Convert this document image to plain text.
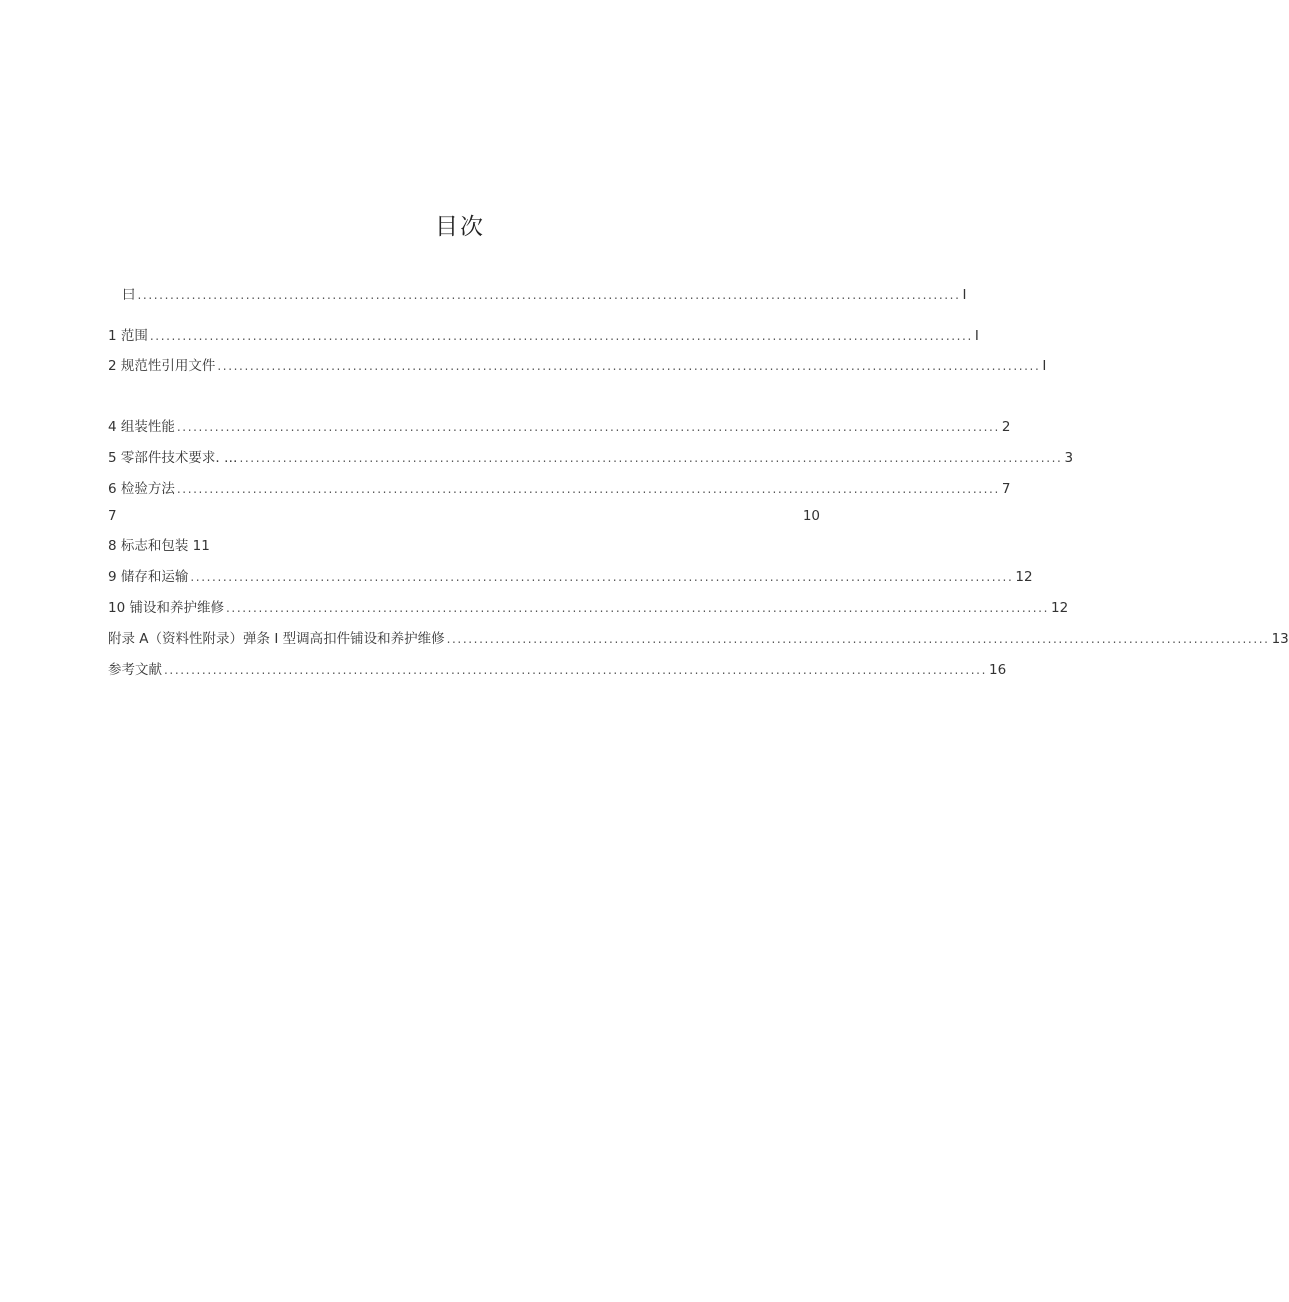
目次
曰 ........................................................................................................................................................ I
1 范围 ........................................................................................................................................................ I
2 规范性引用文件 ........................................................................................................................................................ I
4 组装性能 ........................................................................................................................................................ 2
5 零部件技术要求. … ........................................................................................................................................................ 3
6 检验方法 ........................................................................................................................................................ 7
7	10
8 标志和包装 11
9 储存和运输 ........................................................................................................................................................ 12
10 铺设和养护维修 ........................................................................................................................................................ 12
附录 A（资料性附录）弹条 I 型调高扣件铺设和养护维修 ........................................................................................................................................................ 13
参考文献 ........................................................................................................................................................ 16
